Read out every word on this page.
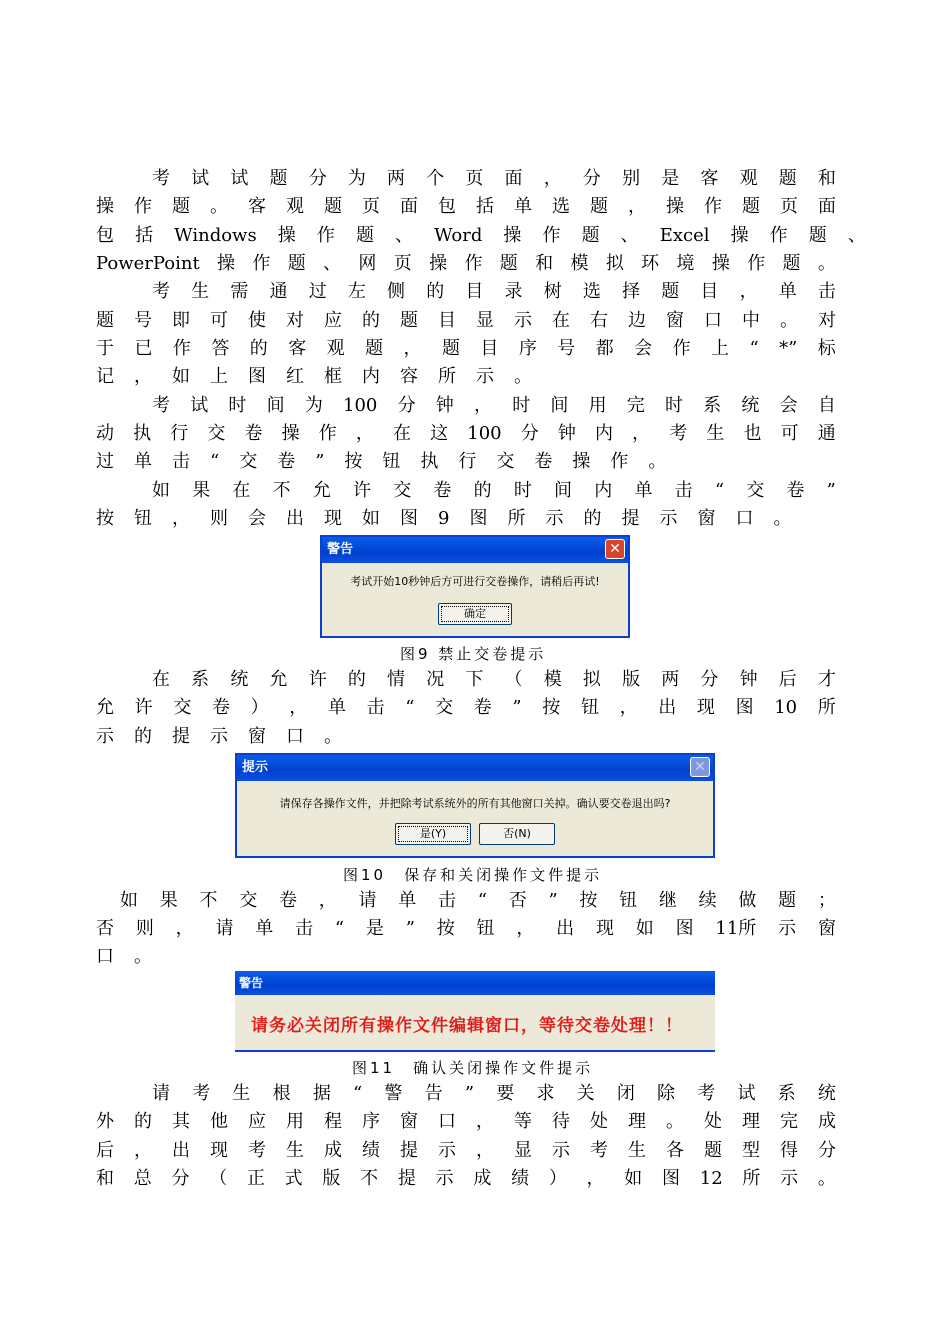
考 试 试 题 分 为 两 个 页 面 ， 分 别 是 客 观 题 和
操 作 题 。 客 观 题 页 面 包 括 单 选 题 ， 操 作 题 页 面
包 括 Windows 操 作 题 、 Word 操 作 题 、 Excel 操 作 题 、
PowerPoint 操 作 题 、 网 页 操 作 题 和 模 拟 环 境 操 作 题 。
考 生 需 通 过 左 侧 的 目 录 树 选 择 题 目 ， 单 击
题 号 即 可 使 对 应 的 题 目 显 示 在 右 边 窗 口 中 。 对
于 已 作 答 的 客 观 题 ， 题 目 序 号 都 会 作 上 “ *” 标
记 ， 如 上 图 红 框 内 容 所 示 。
考 试 时 间 为 100 分 钟 ， 时 间 用 完 时 系 统 会 自
动 执 行 交 卷 操 作 ， 在 这 100 分 钟 内 ， 考 生 也 可 通
过 单 击 “ 交 卷 ” 按 钮 执 行 交 卷 操 作 。
如 果 在 不 允 许 交 卷 的 时 间 内 单 击 “ 交 卷 ”
按 钮 ， 则 会 出 现 如 图 9 图 所 示 的 提 示 窗 口 。
在 系 统 允 许 的 情 况 下 （ 模 拟 版 两 分 钟 后 才
允 许 交 卷 ） ， 单 击 “ 交 卷 ” 按 钮 ， 出 现 图 10 所
示 的 提 示 窗 口 。
如 果 不 交 卷 ， 请 单 击 “ 否 ” 按 钮 继 续 做 题 ；
否 则 ， 请 单 击 “ 是 ” 按 钮 ， 出 现 如 图 11所 示 窗
口 。
请 考 生 根 据 “ 警 告 ” 要 求 关 闭 除 考 试 系 统
外 的 其 他 应 用 程 序 窗 口 ， 等 待 处 理 。 处 理 完 成
后 ， 出 现 考 生 成 绩 提 示 ， 显 示 考 生 各 题 型 得 分
和 总 分 （ 正 式 版 不 提 示 成 绩 ） ， 如 图 12 所 示 。
警告	✕
考试开始10秒钟后方可进行交卷操作，请稍后再试!
确定
图9 禁止交卷提示
提示	✕
请保存各操作文件，并把除考试系统外的所有其他窗口关掉。确认要交卷退出吗?
是(Y)	否(N)
图10　保存和关闭操作文件提示
警告
请务必关闭所有操作文件编辑窗口，等待交卷处理！！
图11　确认关闭操作文件提示
